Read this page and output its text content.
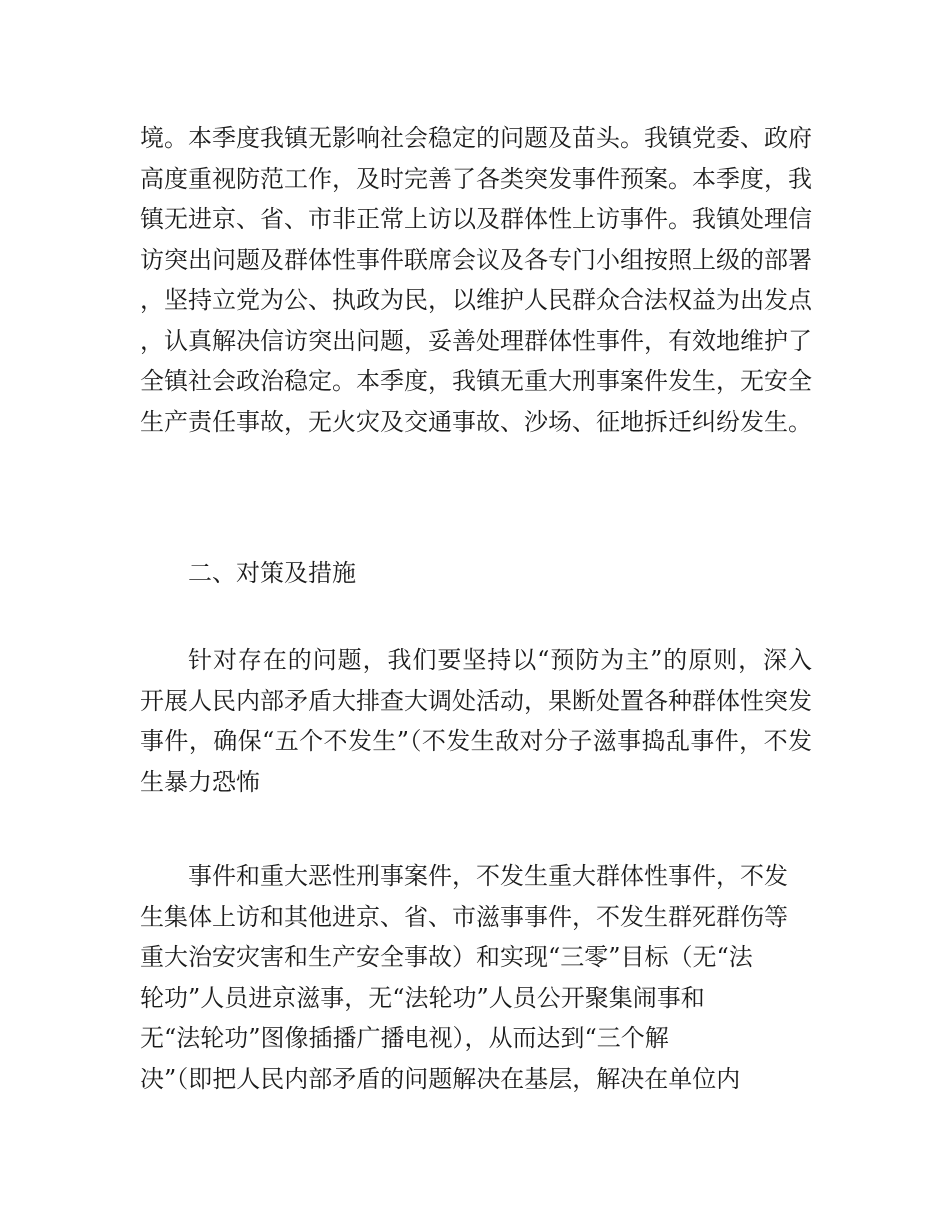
境。本季度我镇无影响社会稳定的问题及苗头。我镇党委、政府高度重视防范工作，及时完善了各类突发事件预案。本季度，我镇无进京、省、市非正常上访以及群体性上访事件。我镇处理信访突出问题及群体性事件联席会议及各专门小组按照上级的部署，坚持立党为公、执政为民，以维护人民群众合法权益为出发点，认真解决信访突出问题，妥善处理群体性事件，有效地维护了全镇社会政治稳定。本季度，我镇无重大刑事案件发生，无安全生产责任事故，无火灾及交通事故、沙场、征地拆迁纠纷发生。

二、对策及措施

针对存在的问题，我们要坚持以“预防为主”的原则，深入开展人民内部矛盾大排查大调处活动，果断处置各种群体性突发事件，确保“五个不发生”（不发生敌对分子滋事捣乱事件，不发生暴力恐怖

事件和重大恶性刑事案件，不发生重大群体性事件，不发
生集体上访和其他进京、省、市滋事事件，不发生群死群伤等
重大治安灾害和生产安全事故）和实现“三零”目标（无“法
轮功”人员进京滋事，无“法轮功”人员公开聚集闹事和
无“法轮功”图像插播广播电视），从而达到“三个解
决”（即把人民内部矛盾的问题解决在基层，解决在单位内
